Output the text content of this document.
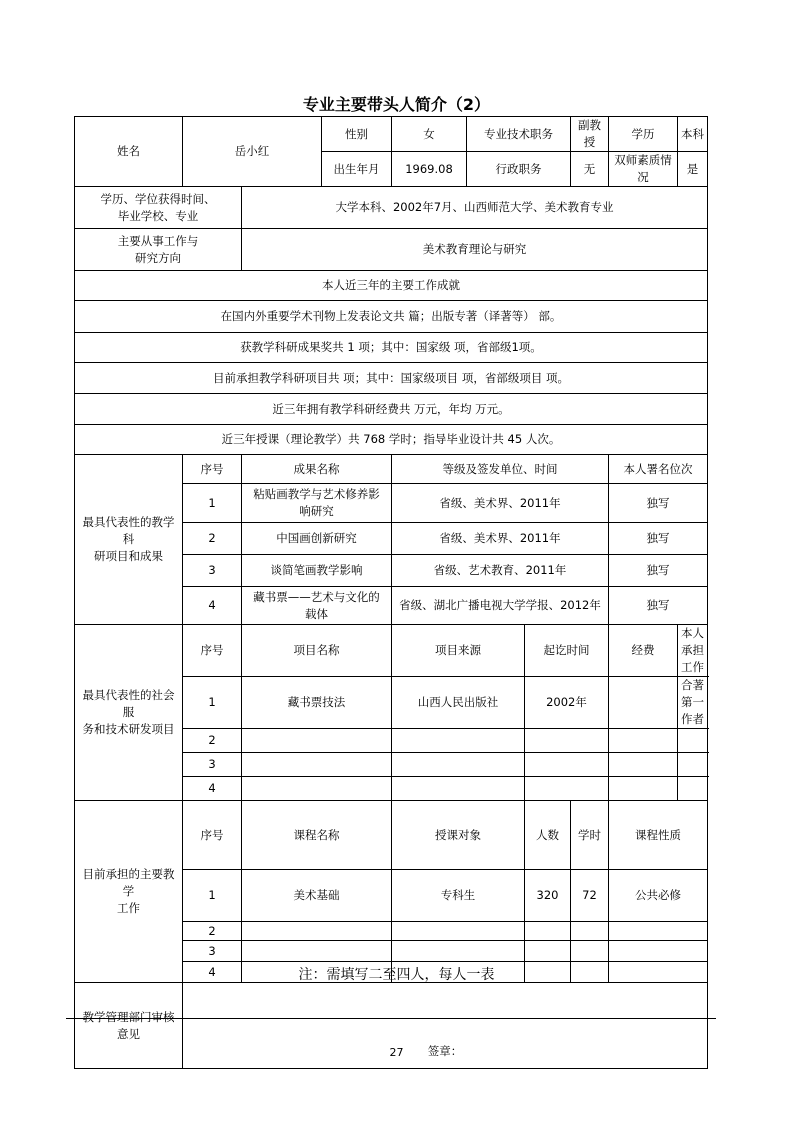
专业主要带头人简介（2）
姓名	岳小红		性别	女	专业技术职务		副教授	学历	本科	
			出生年月	1969.08	行政职务		无	双师素质情况	是	

学历、学位获得时间、
毕业学校、专业		大学本科、2002年7月、山西师范大学、美术教育专业								

主要从事工作与
研究方向		美术教育理论与研究								
本人近三年的主要工作成就										
在国内外重要学术刊物上发表论文共 篇；出版专著（译著等） 部。										
获教学科研成果奖共 1 项；其中：国家级 项，省部级1项。										
目前承担教学科研项目共 项；其中：国家级项目 项，省部级项目 项。										
近三年拥有教学科研经费共 万元，年均 万元。										
近三年授课（理论教学）共 768 学时；指导毕业设计共 45 人次。										

最具代表性的教学科
研项目和成果	序号	成果名称		等级及签发单位、时间				本人署名位次		
	1	粘贴画教学与艺术修养影
响研究		省级、美术界、2011年				独写		
	2	中国画创新研究		省级、美术界、2011年				独写		
	3	谈简笔画教学影响		省级、艺术教育、2011年				独写		
	4	藏书票——艺术与文化的
载体		省级、湖北广播电视大学学报、2012年				独写		

最具代表性的社会服
务和技术研发项目	序号	项目名称		项目来源		起讫时间		经费	本人承担工作	
	1	藏书票技法		山西人民出版社		2002年			合著第一作者	
	2									
	3									
	4									

目前承担的主要教学
工作	序号	课程名称		授课对象		人数	学时	课程性质	
	1	美术基础		专科生		320	72	公共必修	
	2									
	3									
	4									
教学管理部门审核意见	签章：									
注：需填写二至四人，每人一表
27
